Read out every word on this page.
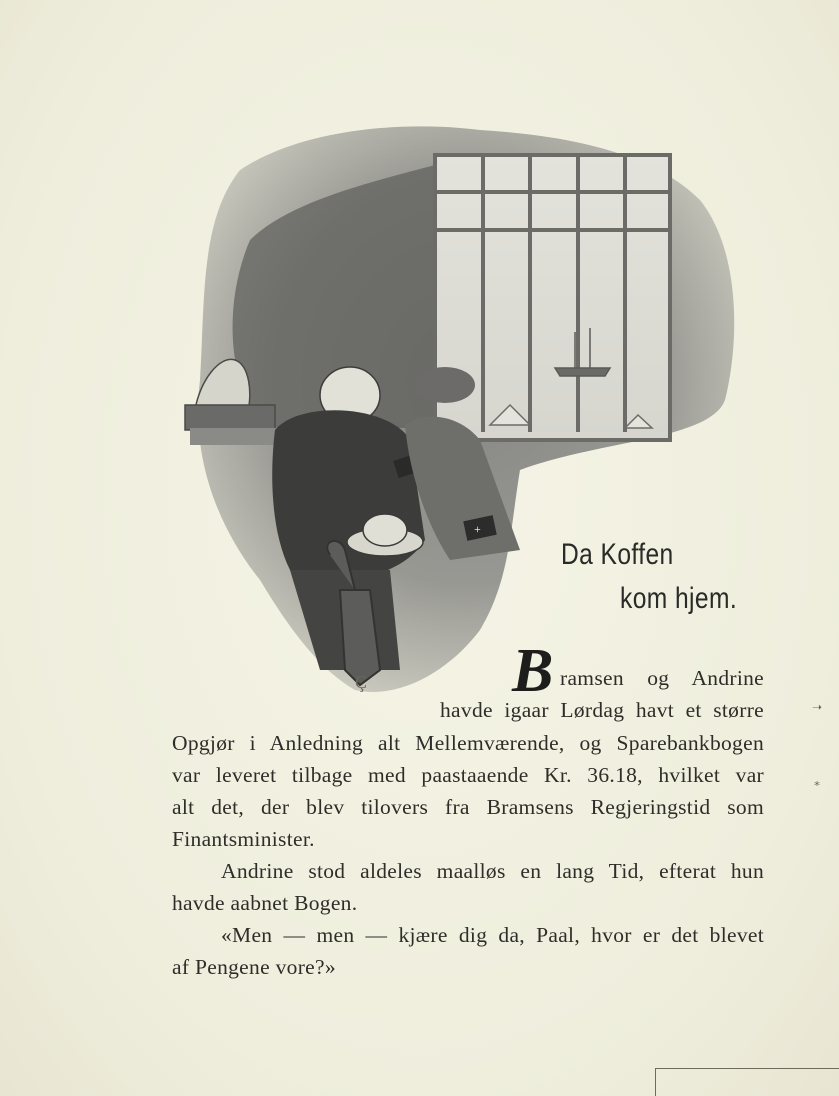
+
Ç
Da Koffen
kom hjem.
B ramsen og Andrine
havde igaar Lørdag havt et større
Opgjør i Anledning alt Mellemværende, og Sparebankbogen
var leveret tilbage med paastaaende Kr. 36.18, hvilket var
alt det, der blev tilovers fra Bramsens Regjeringstid som
Finantsminister.
Andrine stod aldeles maalløs en lang Tid, efterat hun
havde aabnet Bogen.
«Men — men — kjære dig da, Paal, hvor er det blevet
af Pengene vore?»
➝
⁎
